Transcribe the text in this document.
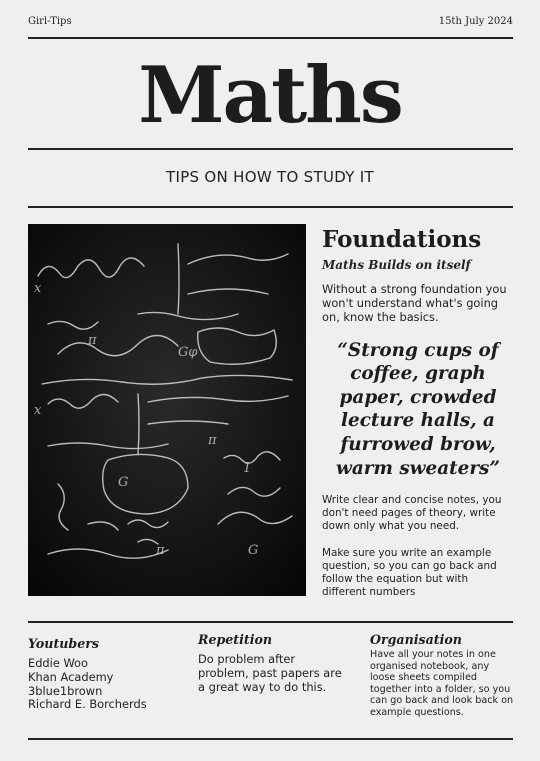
Girl-Tips	15th July 2024
Maths
TIPS ON HOW TO STUDY IT
x
π
Gφ
x
π
G
1
π	G
Foundations
Maths Builds on itself
Without a strong foundation you won't understand what's going on, know the basics.
“Strong cups of coffee, graph paper, crowded lecture halls, a furrowed brow, warm sweaters”
Write clear and concise notes, you don't need pages of theory, write down only what you need.
Make sure you write an example question, so you can go back and follow the equation but with different numbers
Youtubers
Eddie Woo
Khan Academy
3blue1brown
Richard E. Borcherds
Repetition
Do problem after problem, past papers are a great way to do this.
Organisation
Have all your notes in one organised notebook, any loose sheets compiled together into a folder, so you can go back and look back on example questions.
